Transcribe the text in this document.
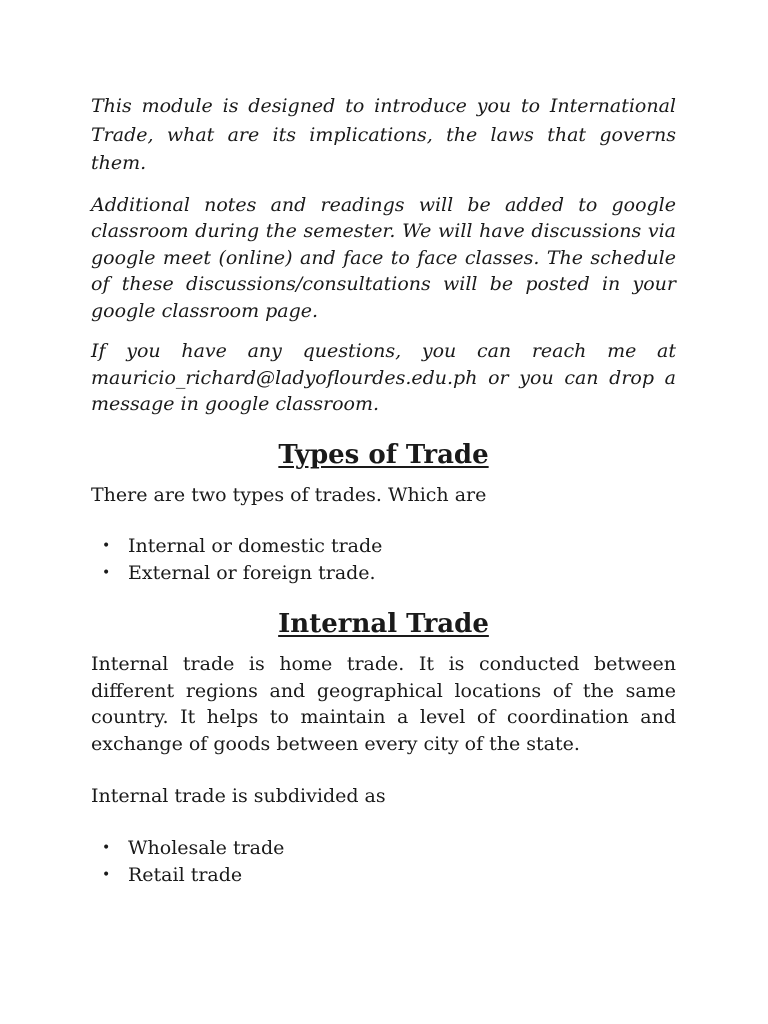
This module is designed to introduce you to International Trade, what are its implications, the laws that governs them.

Additional notes and readings will be added to google classroom during the semester. We will have discussions via google meet (online) and face to face classes. The schedule of these discussions/consultations will be posted in your google classroom page.

If you have any questions, you can reach me at mauricio_richard@ladyoflourdes.edu.ph or you can drop a message in google classroom.

Types of Trade

There are two types of trades. Which are

• Internal or domestic trade
• External or foreign trade.
Internal Trade

Internal trade is home trade. It is conducted between different regions and geographical locations of the same country. It helps to maintain a level of coordination and exchange of goods between every city of the state.

Internal trade is subdivided as

• Wholesale trade
• Retail trade
